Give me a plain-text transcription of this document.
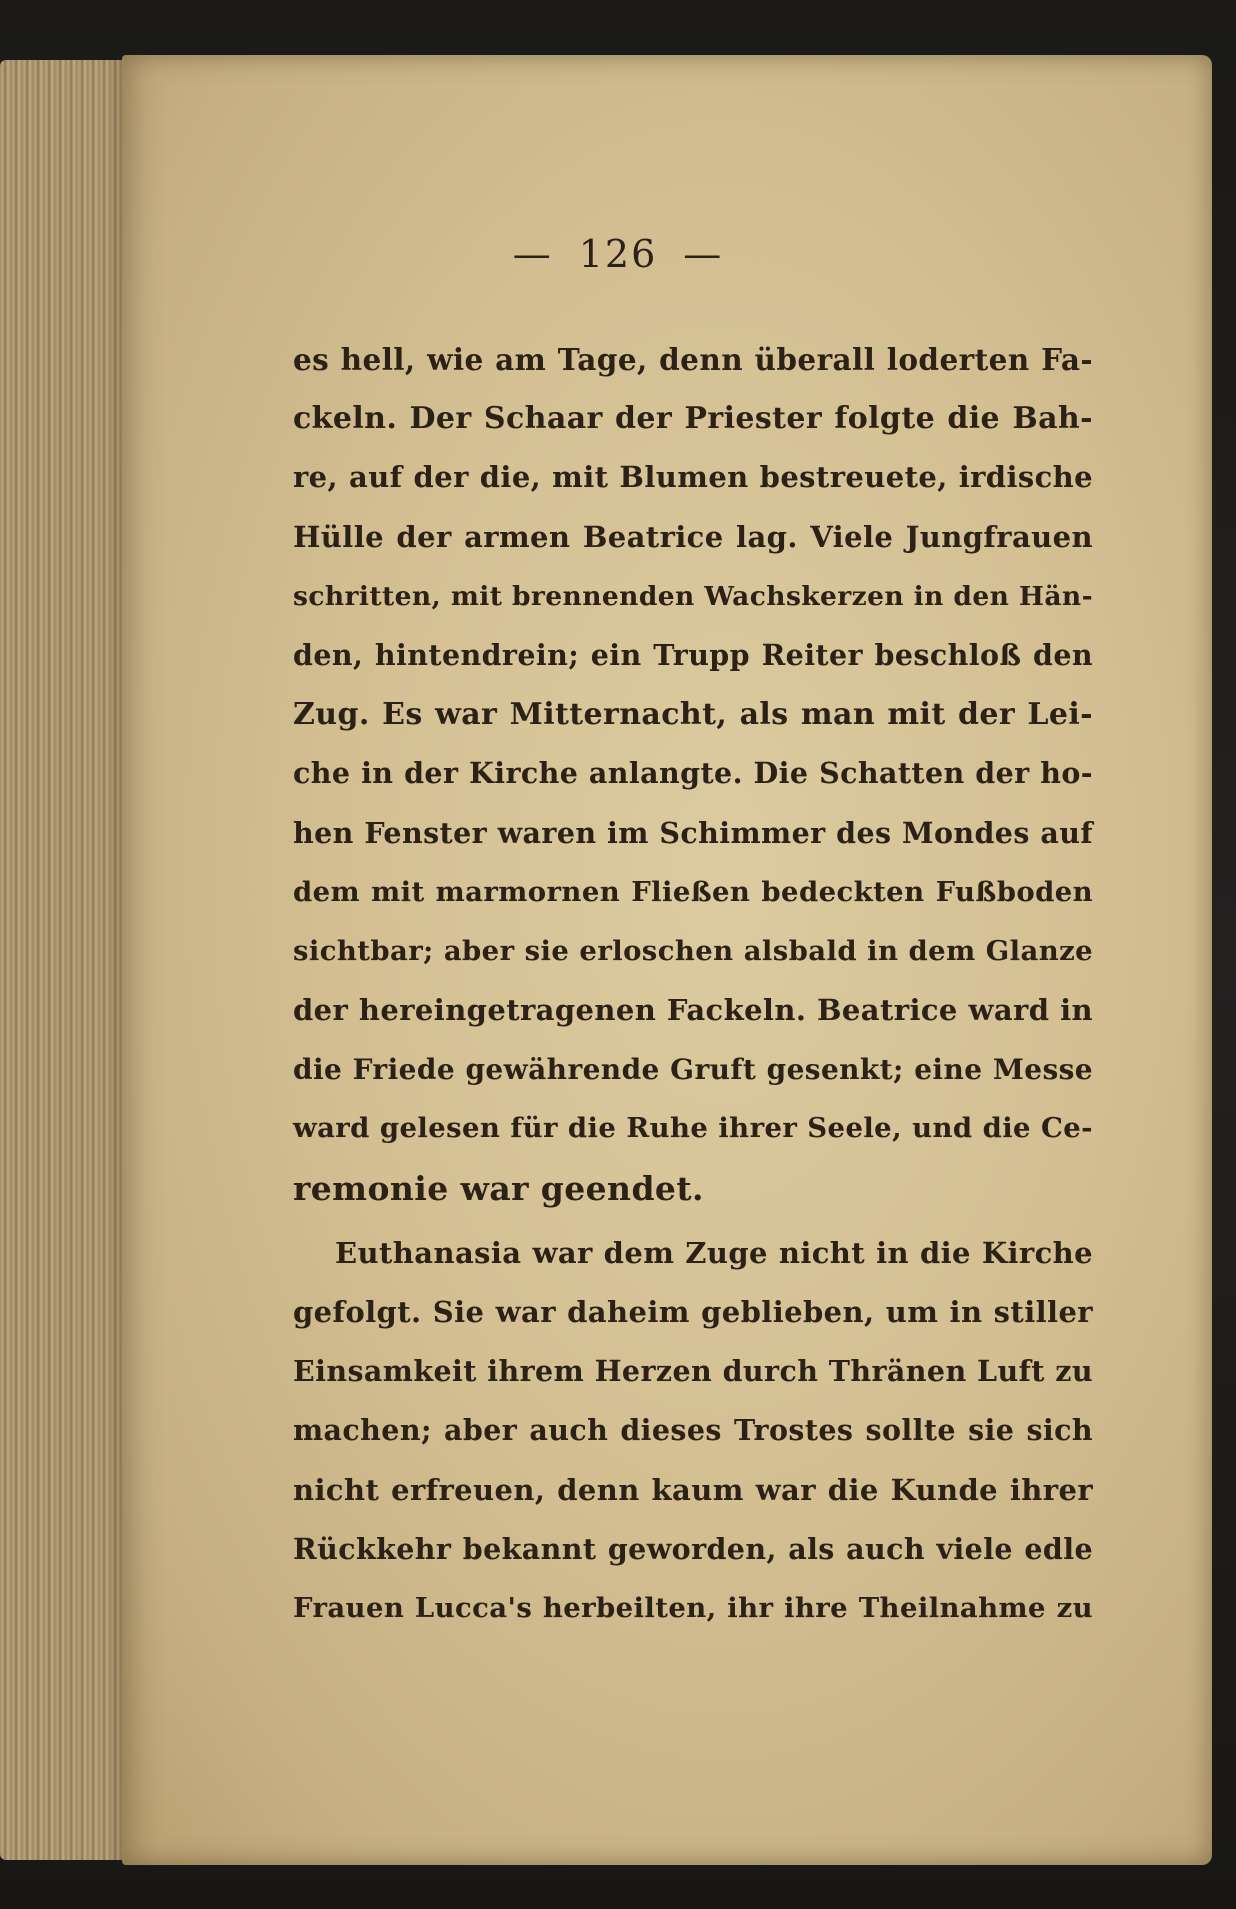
— 126 —
es hell, wie am Tage, denn überall loderten Fa-
ckeln. Der Schaar der Priester folgte die Bah-
re, auf der die, mit Blumen bestreuete, irdische
Hülle der armen Beatrice lag. Viele Jungfrauen
schritten, mit brennenden Wachskerzen in den Hän-
den, hintendrein; ein Trupp Reiter beschloß den
Zug. Es war Mitternacht, als man mit der Lei-
che in der Kirche anlangte. Die Schatten der ho-
hen Fenster waren im Schimmer des Mondes auf
dem mit marmornen Fließen bedeckten Fußboden
sichtbar; aber sie erloschen alsbald in dem Glanze
der hereingetragenen Fackeln. Beatrice ward in
die Friede gewährende Gruft gesenkt; eine Messe
ward gelesen für die Ruhe ihrer Seele, und die Ce-
remonie war geendet.
Euthanasia war dem Zuge nicht in die Kirche
gefolgt. Sie war daheim geblieben, um in stiller
Einsamkeit ihrem Herzen durch Thränen Luft zu
machen; aber auch dieses Trostes sollte sie sich
nicht erfreuen, denn kaum war die Kunde ihrer
Rückkehr bekannt geworden, als auch viele edle
Frauen Lucca's herbeilten, ihr ihre Theilnahme zu
